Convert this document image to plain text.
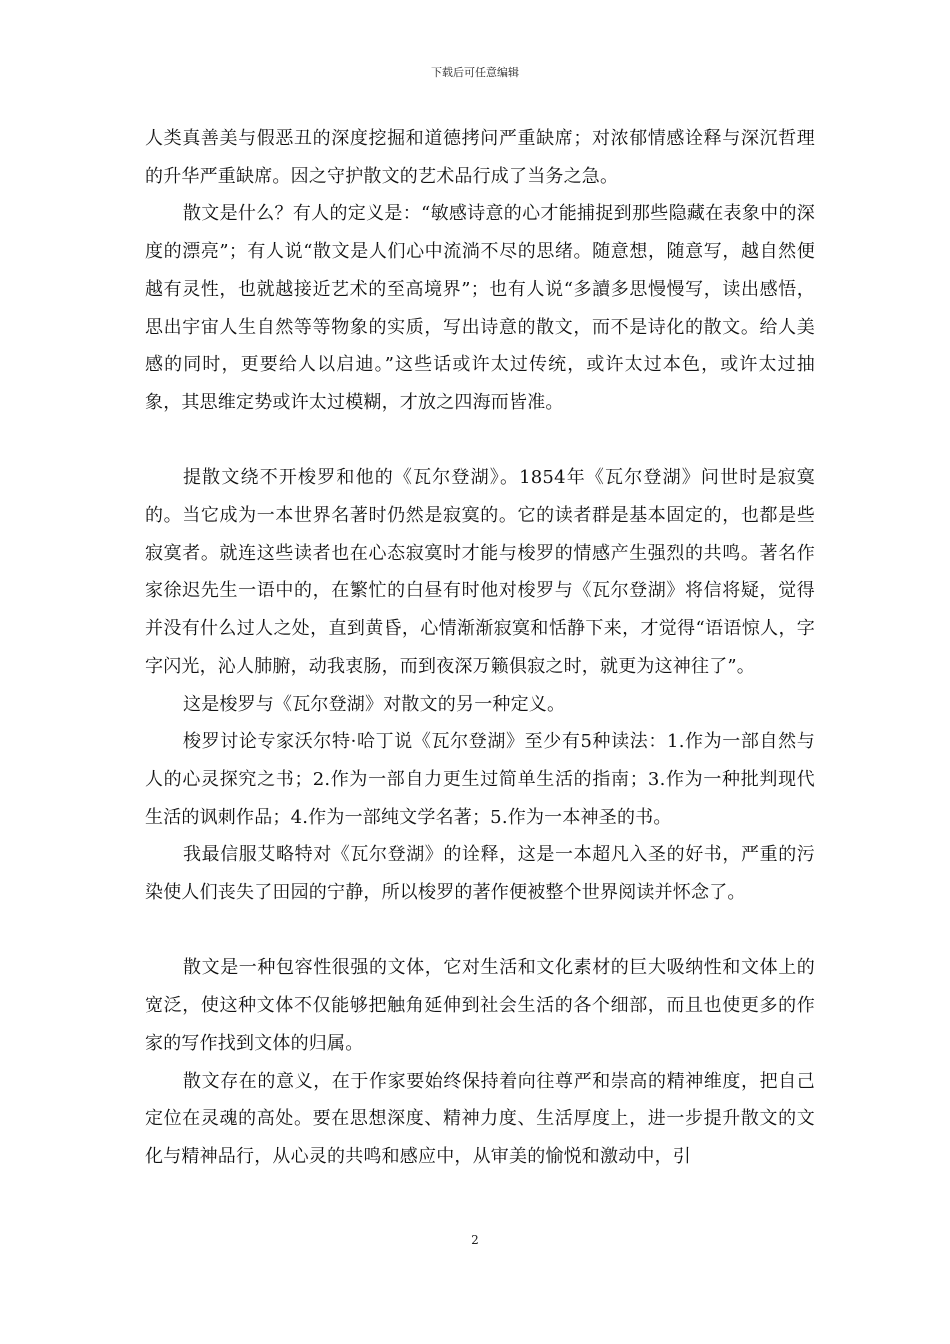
下载后可任意编辑

人类真善美与假恶丑的深度挖掘和道德拷问严重缺席；对浓郁情感诠释与深沉哲理的升华严重缺席。因之守护散文的艺术品行成了当务之急。

散文是什么？有人的定义是：“敏感诗意的心才能捕捉到那些隐藏在表象中的深度的漂亮”；有人说“散文是人们心中流淌不尽的思绪。随意想，随意写，越自然便越有灵性，也就越接近艺术的至高境界”；也有人说“多讀多思慢慢写，读出感悟，思出宇宙人生自然等等物象的实质，写出诗意的散文，而不是诗化的散文。给人美感的同时，更要给人以启迪。”这些话或许太过传统，或许太过本色，或许太过抽象，其思维定势或许太过模糊，才放之四海而皆准。

提散文绕不开梭罗和他的《瓦尔登湖》。1854年《瓦尔登湖》问世时是寂寞的。当它成为一本世界名著时仍然是寂寞的。它的读者群是基本固定的，也都是些寂寞者。就连这些读者也在心态寂寞时才能与梭罗的情感产生强烈的共鸣。著名作家徐迟先生一语中的，在繁忙的白昼有时他对梭罗与《瓦尔登湖》将信将疑，觉得并没有什么过人之处，直到黄昏，心情渐渐寂寞和恬静下来，才觉得“语语惊人，字字闪光，沁人肺腑，动我衷肠，而到夜深万籁俱寂之时，就更为这神往了”。

这是梭罗与《瓦尔登湖》对散文的另一种定义。

梭罗讨论专家沃尔特·哈丁说《瓦尔登湖》至少有5种读法：1.作为一部自然与人的心灵探究之书；2.作为一部自力更生过简单生活的指南；3.作为一种批判现代生活的讽刺作品；4.作为一部纯文学名著；5.作为一本神圣的书。

我最信服艾略特对《瓦尔登湖》的诠释，这是一本超凡入圣的好书，严重的污染使人们丧失了田园的宁静，所以梭罗的著作便被整个世界阅读并怀念了。

散文是一种包容性很强的文体，它对生活和文化素材的巨大吸纳性和文体上的宽泛，使这种文体不仅能够把触角延伸到社会生活的各个细部，而且也使更多的作家的写作找到文体的归属。

散文存在的意义，在于作家要始终保持着向往尊严和崇高的精神维度，把自己定位在灵魂的高处。要在思想深度、精神力度、生活厚度上，进一步提升散文的文化与精神品行，从心灵的共鸣和感应中，从审美的愉悦和激动中，引

2
